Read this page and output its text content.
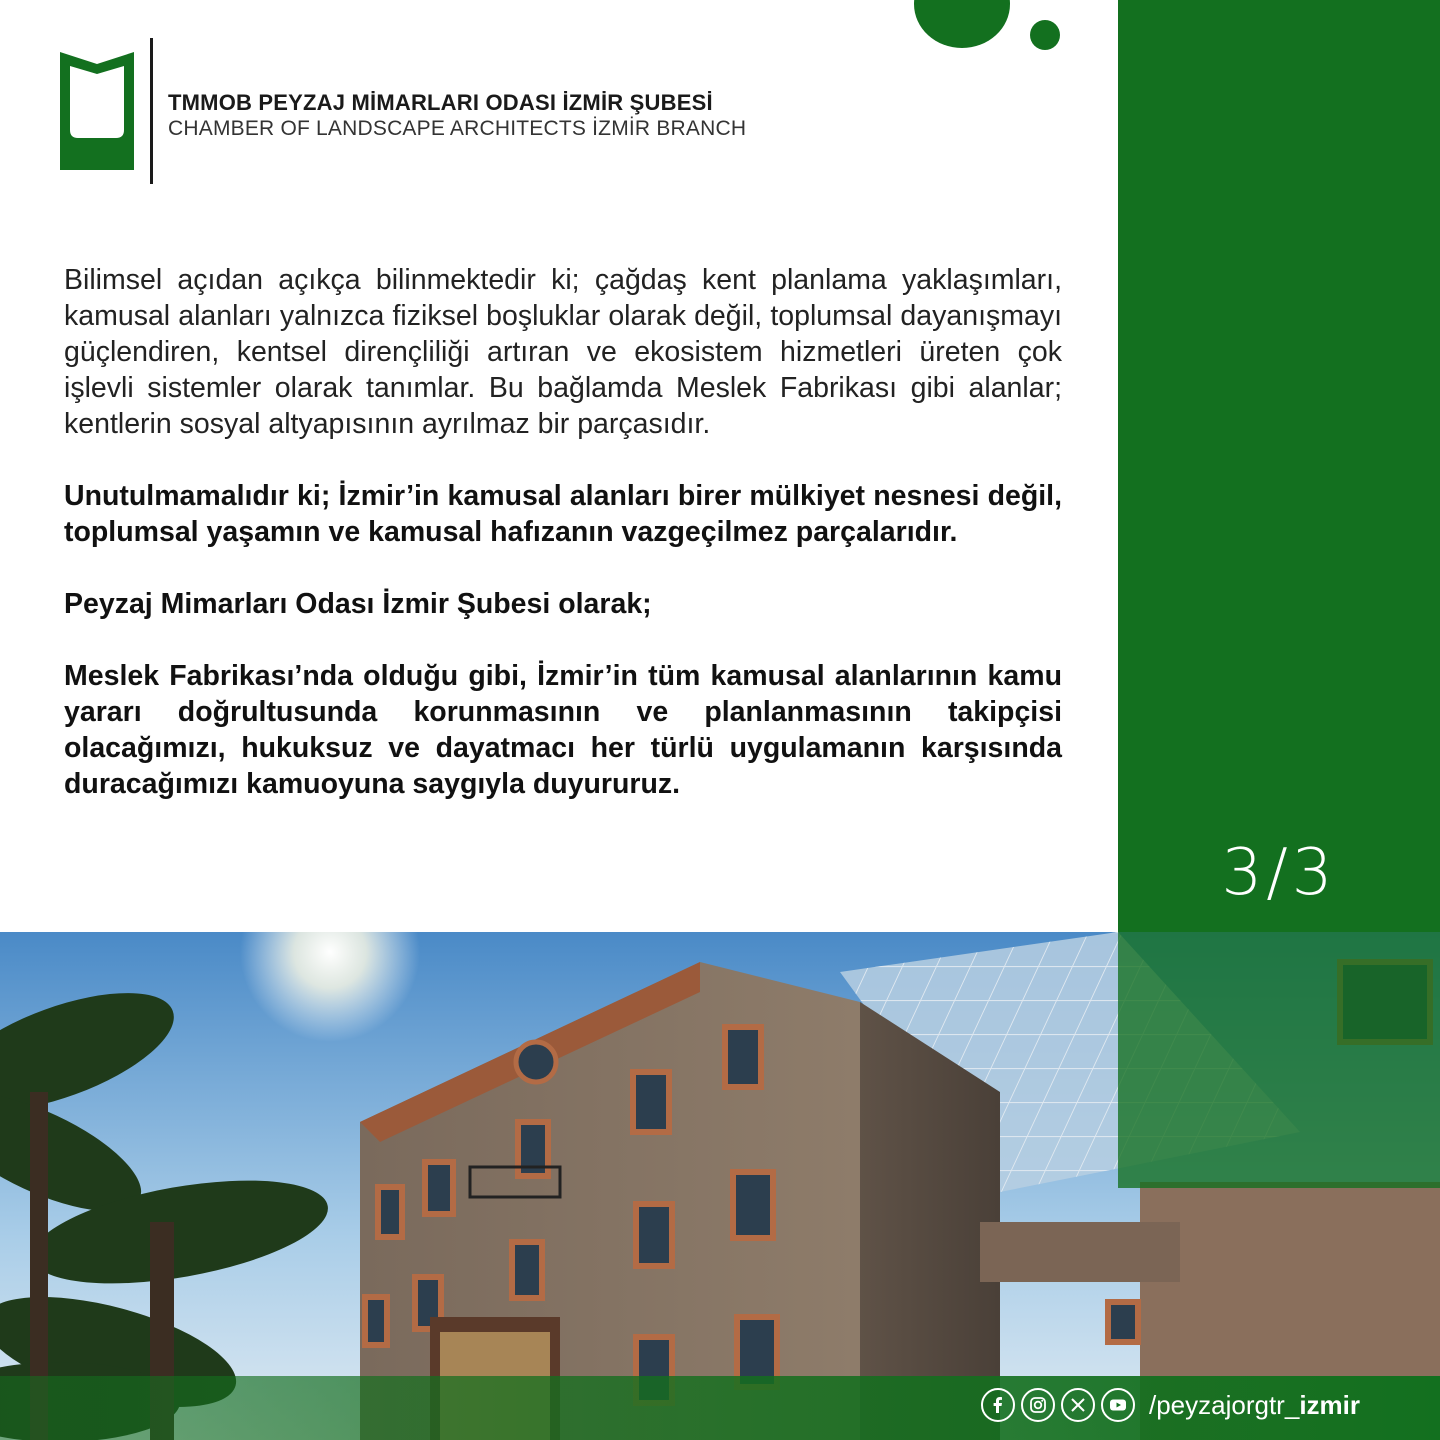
TMMOB PEYZAJ MİMARLARI ODASI İZMİR ŞUBESİ
CHAMBER OF LANDSCAPE ARCHITECTS İZMİR BRANCH

Bilimsel açıdan açıkça bilinmektedir ki; çağdaş kent planlama yaklaşımları, kamusal alanları yalnızca fiziksel boşluklar olarak değil, toplumsal dayanışmayı güçlendiren, kentsel dirençliliği artıran ve ekosistem hizmetleri üreten çok işlevli sistemler olarak tanımlar. Bu bağlamda Meslek Fabrikası gibi alanlar; kentlerin sosyal altyapısının ayrılmaz bir parçasıdır.

Unutulmamalıdır ki; İzmir’in kamusal alanları birer mülkiyet nesnesi değil, toplumsal yaşamın ve kamusal hafızanın vazgeçilmez parçalarıdır.

Peyzaj Mimarları Odası İzmir Şubesi olarak;

Meslek Fabrikası’nda olduğu gibi, İzmir’in tüm kamusal alanlarının kamu yararı doğrultusunda korunmasının ve planlanmasının takipçisi olacağımızı, hukuksuz ve dayatmacı her türlü uygulamanın karşısında duracağımızı kamuoyuna saygıyla duyururuz.

3/3
/peyzajorgtr_izmir
